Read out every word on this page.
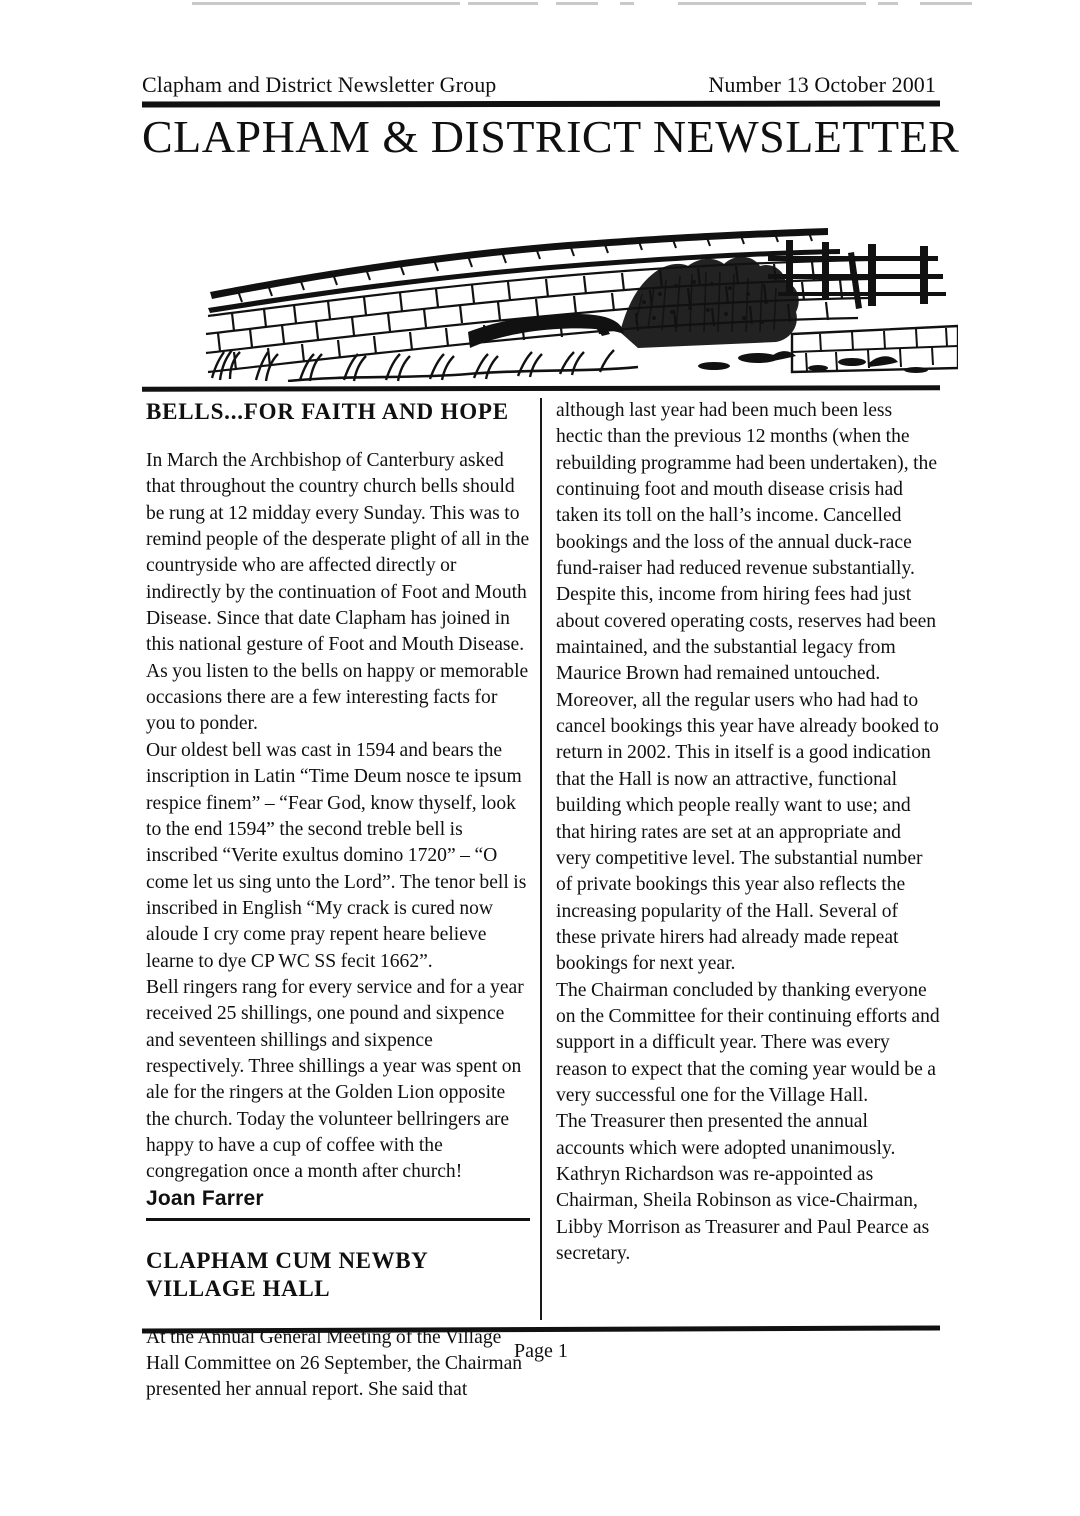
Clapham and District Newsletter Group	Number 13 October 2001
CLAPHAM & DISTRICT NEWSLETTER
BELLS...FOR FAITH AND HOPE

In March the Archbishop of Canterbury asked that throughout the country church bells should be rung at 12 midday every Sunday. This was to remind people of the desperate plight of all in the countryside who are affected directly or indirectly by the continuation of Foot and Mouth Disease. Since that date Clapham has joined in this national gesture of Foot and Mouth Disease. As you listen to the bells on happy or memorable occasions there are a few interesting facts for you to ponder.

Our oldest bell was cast in 1594 and bears the inscription in Latin “Time Deum nosce te ipsum respice finem” – “Fear God, know thyself, look to the end 1594” the second treble bell is inscribed “Verite exultus domino 1720” – “O come let us sing unto the Lord”. The tenor bell is inscribed in English “My crack is cured now aloude I cry come pray repent heare believe learne to dye CP WC SS fecit 1662”.

Bell ringers rang for every service and for a year received 25 shillings, one pound and sixpence and seventeen shillings and sixpence respectively. Three shillings a year was spent on ale for the ringers at the Golden Lion opposite the church. Today the volunteer bellringers are happy to have a cup of coffee with the congregation once a month after church!

Joan Farrer

CLAPHAM CUM NEWBY
VILLAGE HALL

At the Annual General Meeting of the Village Hall Committee on 26 September, the Chairman presented her annual report. She said that

although last year had been much been less hectic than the previous 12 months (when the rebuilding programme had been undertaken), the continuing foot and mouth disease crisis had taken its toll on the hall’s income. Cancelled bookings and the loss of the annual duck-race fund-raiser had reduced revenue substantially. Despite this, income from hiring fees had just about covered operating costs, reserves had been maintained, and the substantial legacy from Maurice Brown had remained untouched. Moreover, all the regular users who had had to cancel bookings this year have already booked to return in 2002. This in itself is a good indication that the Hall is now an attractive, functional building which people really want to use; and that hiring rates are set at an appropriate and very competitive level. The substantial number of private bookings this year also reflects the increasing popularity of the Hall. Several of these private hirers had already made repeat bookings for next year.

The Chairman concluded by thanking everyone on the Committee for their continuing efforts and support in a difficult year. There was every reason to expect that the coming year would be a very successful one for the Village Hall.

The Treasurer then presented the annual accounts which were adopted unanimously.

Kathryn Richardson was re-appointed as Chairman, Sheila Robinson as vice-Chairman, Libby Morrison as Treasurer and Paul Pearce as secretary.

Page 1
